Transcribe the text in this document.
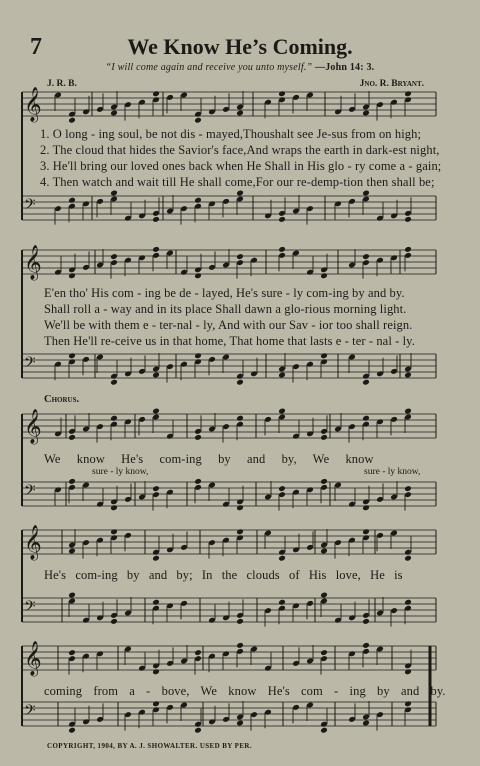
7	We Know He’s Coming.
“I will come again and receive you unto myself.” —John 14: 3.
J. R. B.	Jno. R. Bryant.
𝄞
𝄢
𝄞
𝄢
𝄞
𝄢
𝄞
𝄢
𝄞
𝄢
1. O long - ing soul, be not dis - mayed,Thoushalt see Je-sus from on high;
2. The cloud that hides the Savior's face,And wraps the earth in dark-est night,
3. He'll bring our loved ones back when He Shall in His glo - ry come a - gain;
4. Then watch and wait till He shall come,For our re-demp-tion then shall be;
E'en tho' His com - ing be de - layed, He's sure - ly com-ing by and by.
Shall roll a - way and in its place Shall dawn a glo-rious morning light.
We'll be with them e - ter-nal - ly, And with our Sav - ior too shall reign.
Then He'll re-ceive us in that home, That home that lasts e - ter - nal - ly.
Chorus.
We know He's com-ing by and by, We know
sure - ly know,	sure - ly know,
He's com-ing by and by; In the clouds of His love, He is
coming from a - bove, We know He's com - ing by and by.
COPYRIGHT, 1904, BY A. J. SHOWALTER. USED BY PER.
